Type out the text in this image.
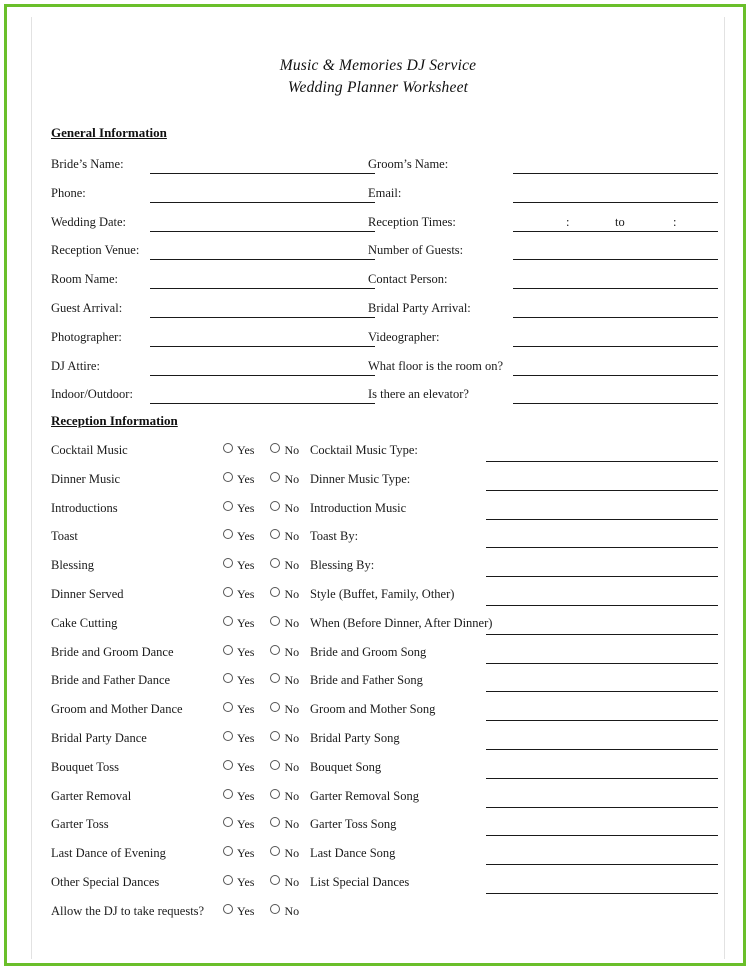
Music & Memories DJ Service
Wedding Planner Worksheet
General Information
Bride’s Name:	Groom’s Name:
Phone:	Email:
Wedding Date:	Reception Times:	:	to	:
Reception Venue:	Number of Guests:
Room Name:	Contact Person:
Guest Arrival:	Bridal Party Arrival:
Photographer:	Videographer:
DJ Attire:	What floor is the room on?
Indoor/Outdoor:	Is there an elevator?
Reception Information
Cocktail Music	Yes	No Cocktail Music Type:
Dinner Music	Yes	No Dinner Music Type:
Introductions	Yes	No Introduction Music
Toast	Yes	No Toast By:
Blessing	Yes	No Blessing By:
Dinner Served	Yes	No Style (Buffet, Family, Other)
Cake Cutting	Yes	No When (Before Dinner, After Dinner)
Bride and Groom Dance	Yes	No Bride and Groom Song
Bride and Father Dance	Yes	No Bride and Father Song
Groom and Mother Dance	Yes	No Groom and Mother Song
Bridal Party Dance	Yes	No Bridal Party Song
Bouquet Toss	Yes	No Bouquet Song
Garter Removal	Yes	No Garter Removal Song
Garter Toss	Yes	No Garter Toss Song
Last Dance of Evening	Yes	No Last Dance Song
Other Special Dances	Yes	No List Special Dances
Allow the DJ to take requests?	Yes	No
